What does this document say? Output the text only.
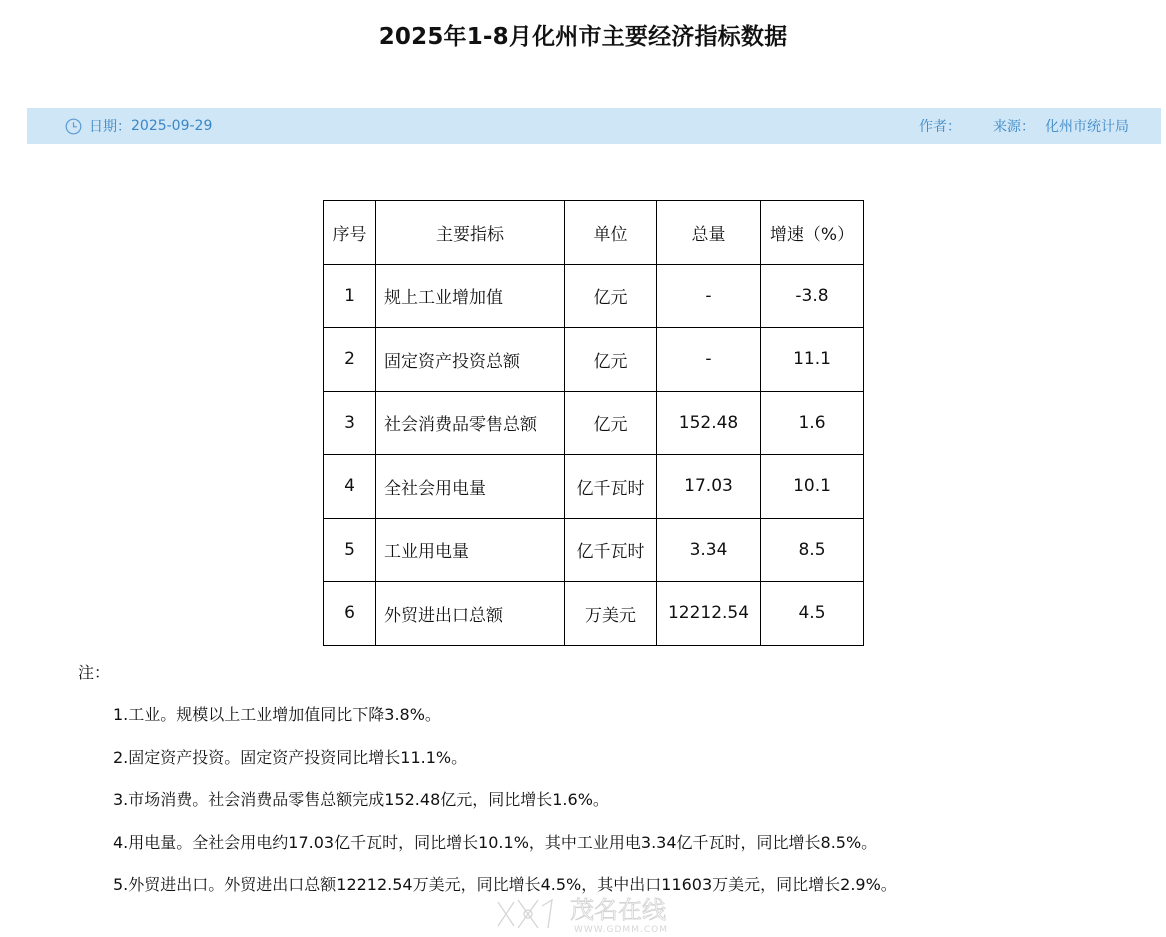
2025年1-8月化州市主要经济指标数据
日期： 2025-09-29	作者： 来源： 化州市统计局
序号	主要指标	单位	总量	增速（%）
1	规上工业增加值	亿元	-	-3.8
2	固定资产投资总额	亿元	-	11.1
3	社会消费品零售总额	亿元	152.48	1.6
4	全社会用电量	亿千瓦时	17.03	10.1
5	工业用电量	亿千瓦时	3.34	8.5
6	外贸进出口总额	万美元	12212.54	4.5
注：
1.工业。规模以上工业增加值同比下降3.8%。
2.固定资产投资。固定资产投资同比增长11.1%。
3.市场消费。社会消费品零售总额完成152.48亿元，同比增长1.6%。
4.用电量。全社会用电约17.03亿千瓦时，同比增长10.1%，其中工业用电3.34亿千瓦时，同比增长8.5%。
5.外贸进出口。外贸进出口总额12212.54万美元，同比增长4.5%，其中出口11603万美元，同比增长2.9%。
茂名在线
WWW.GDMM.COM
